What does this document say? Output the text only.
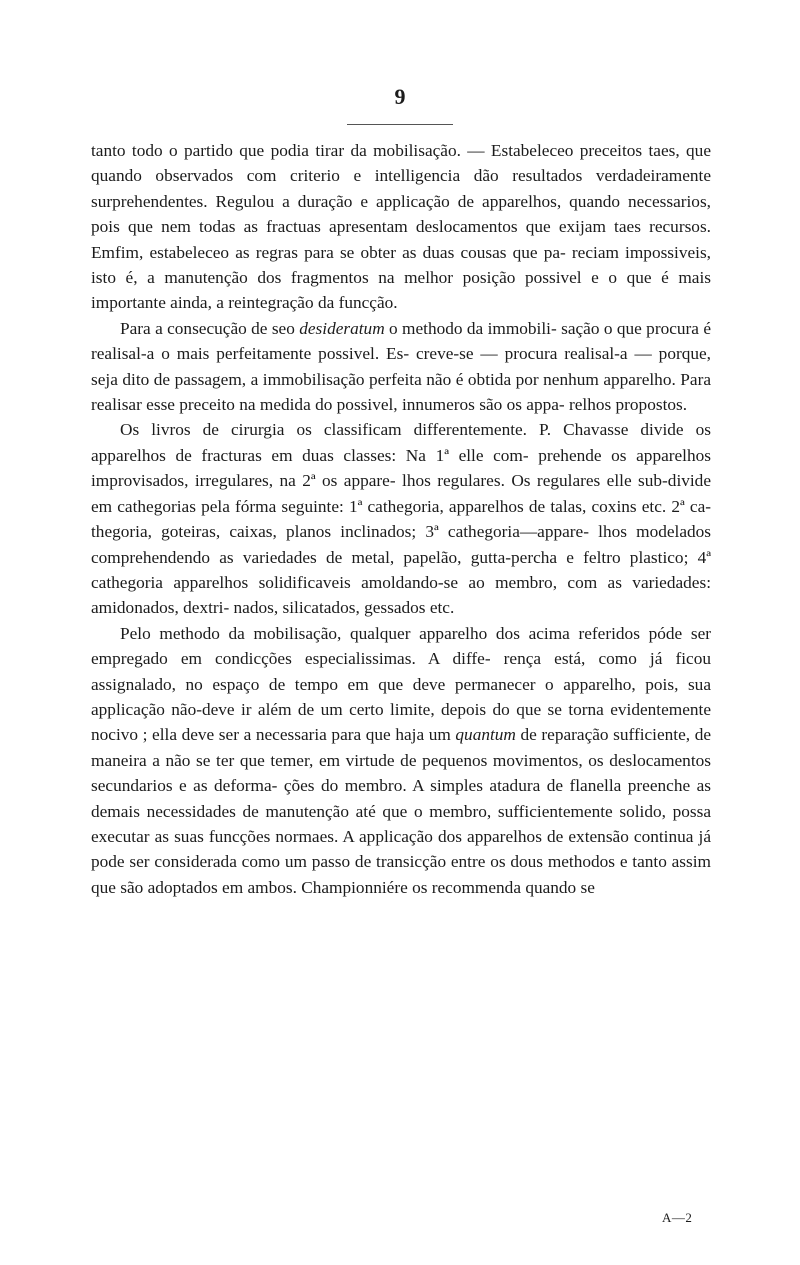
9

tanto todo o partido que podia tirar da mobilisação. — Estabeleceo preceitos taes, que quando observados com criterio e intelligencia dão resultados verdadeiramente surprehendentes. Regulou a duração e applicação de apparelhos, quando necessarios, pois que nem todas as fractuas apresentam deslocamentos que exijam taes recursos. Emfim, estabeleceo as regras para se obter as duas cousas que pa- reciam impossiveis, isto é, a manutenção dos fragmentos na melhor posição possivel e o que é mais importante ainda, a reintegração da funcção.

Para a consecução de seo desideratum o methodo da immobili- sação o que procura é realisal-a o mais perfeitamente possivel. Es- creve-se — procura realisal-a — porque, seja dito de passagem, a immobilisação perfeita não é obtida por nenhum apparelho. Para realisar esse preceito na medida do possivel, innumeros são os appa- relhos propostos.

Os livros de cirurgia os classificam differentemente. P. Chavasse divide os apparelhos de fracturas em duas classes: Na 1ª elle com- prehende os apparelhos improvisados, irregulares, na 2ª os appare- lhos regulares. Os regulares elle sub-divide em cathegorias pela fórma seguinte: 1ª cathegoria, apparelhos de talas, coxins etc. 2ª ca- thegoria, goteiras, caixas, planos inclinados; 3ª cathegoria—appare- lhos modelados comprehendendo as variedades de metal, papelão, gutta-percha e feltro plastico; 4ª cathegoria apparelhos solidificaveis amoldando-se ao membro, com as variedades: amidonados, dextri- nados, silicatados, gessados etc.

Pelo methodo da mobilisação, qualquer apparelho dos acima referidos póde ser empregado em condicções especialissimas. A diffe- rença está, como já ficou assignalado, no espaço de tempo em que deve permanecer o apparelho, pois, sua applicação não-deve ir além de um certo limite, depois do que se torna evidentemente nocivo ; ella deve ser a necessaria para que haja um quantum de reparação sufficiente, de maneira a não se ter que temer, em virtude de pequenos movimentos, os deslocamentos secundarios e as deforma- ções do membro. A simples atadura de flanella preenche as demais necessidades de manutenção até que o membro, sufficientemente solido, possa executar as suas funcções normaes. A applicação dos apparelhos de extensão continua já pode ser considerada como um passo de transicção entre os dous methodos e tanto assim que são adoptados em ambos. Championniére os recommenda quando se

A—2
